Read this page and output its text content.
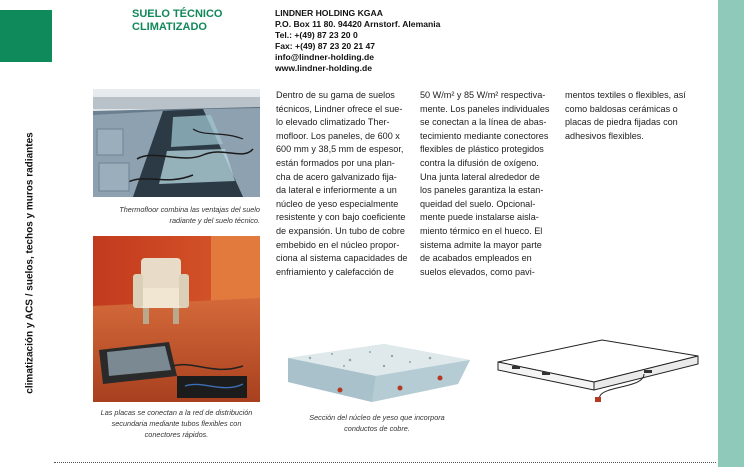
SUELO TÉCNICO
CLIMATIZADO
LINDNER HOLDING KGAA
P.O. Box 11 80. 94420 Arnstorf. Alemania
Tel.: +(49) 87 23 20 0
Fax: +(49) 87 23 20 21 47
info@lindner-holding.de
www.lindner-holding.de
climatización y ACS / suelos, techos y muros radiantes	Thermofloor combina las ventajas del suelo
radiante y del suelo técnico.
Las placas se conectan a la red de distribución
secundaria mediante tubos flexibles con
conectores rápidos.
Dentro de su gama de suelos
técnicos, Lindner ofrece el sue-
lo elevado climatizado Ther-
mofloor. Los paneles, de 600 x
600 mm y 38,5 mm de espesor,
están formados por una plan-
cha de acero galvanizado fija-
da lateral e inferiormente a un
núcleo de yeso especialmente
resistente y con bajo coeficiente
de expansión. Un tubo de cobre
embebido en el núcleo propor-
ciona al sistema capacidades de
enfriamiento y calefacción de
50 W/m² y 85 W/m² respectiva-
mente. Los paneles individuales
se conectan a la línea de abas-
tecimiento mediante conectores
flexibles de plástico protegidos
contra la difusión de oxígeno.
Una junta lateral alrededor de
los paneles garantiza la estan-
queidad del suelo. Opcional-
mente puede instalarse aisla-
miento térmico en el hueco. El
sistema admite la mayor parte
de acabados empleados en
suelos elevados, como pavi-
mentos textiles o flexibles, así
como baldosas cerámicas o
placas de piedra fijadas con
adhesivos flexibles.
Sección del núcleo de yeso que incorpora
conductos de cobre.
